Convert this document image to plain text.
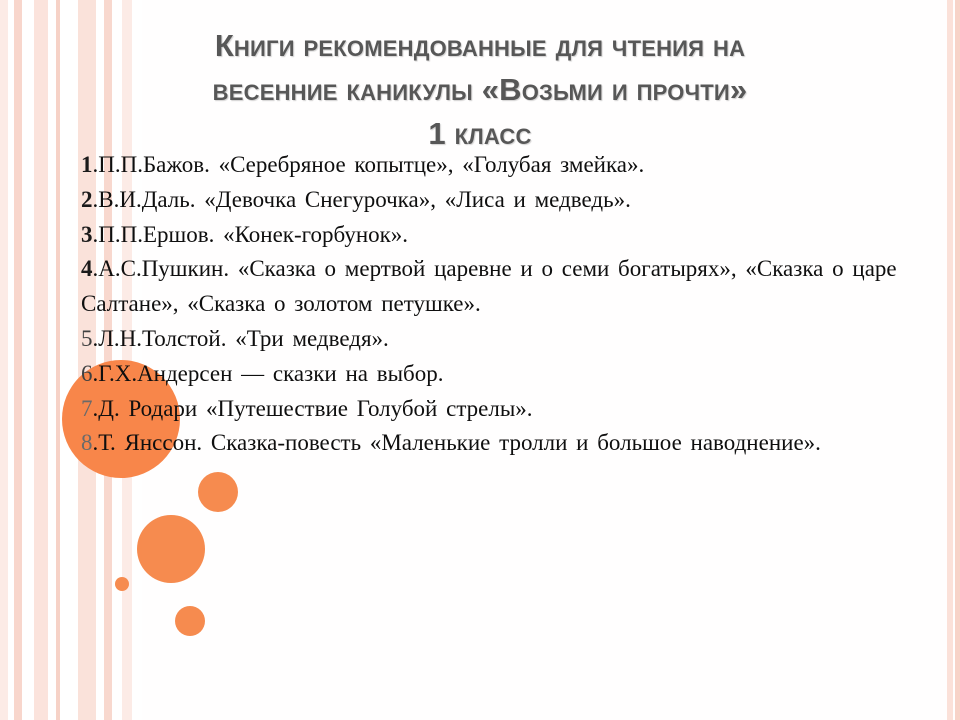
Книги рекомендованные для чтения на
весенние каникулы «Возьми и прочти»
1 класс
1.П.П.Бажов. «Серебряное копытце», «Голубая змейка».
2.В.И.Даль. «Девочка Снегурочка», «Лиса и медведь».
3.П.П.Ершов. «Конек-горбунок».
4.А.С.Пушкин. «Сказка о мертвой царевне и о семи богатырях», «Сказка о царе Салтане», «Сказка о золотом петушке».
5.Л.Н.Толстой. «Три медведя».
6.Г.Х.Андерсен — сказки на выбор.
7.Д. Родари «Путешествие Голубой стрелы».
8.Т. Янссон. Сказка-повесть «Маленькие тролли и большое наводнение».
